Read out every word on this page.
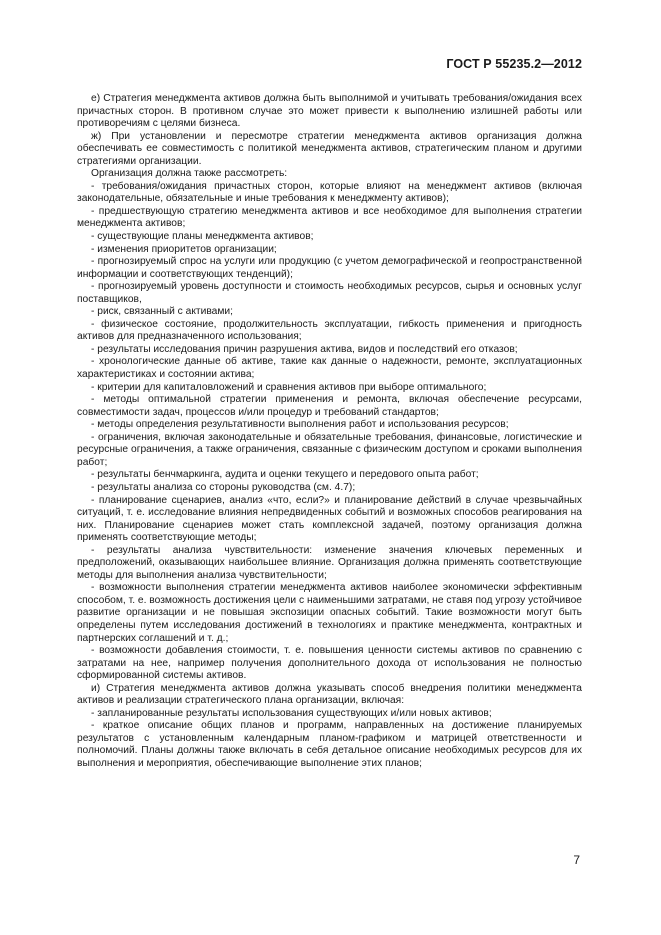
ГОСТ Р 55235.2—2012

е) Стратегия менеджмента активов должна быть выполнимой и учитывать требования/ожидания всех причастных сторон. В противном случае это может привести к выполнению излишней работы или противоречиям с целями бизнеса.

ж) При установлении и пересмотре стратегии менеджмента активов организация должна обеспечивать ее совместимость с политикой менеджмента активов, стратегическим планом и другими стратегиями организации.

Организация должна также рассмотреть:

- требования/ожидания причастных сторон, которые влияют на менеджмент активов (включая законодательные, обязательные и иные требования к менеджменту активов);

- предшествующую стратегию менеджмента активов и все необходимое для выполнения стратегии менеджмента активов;

- существующие планы менеджмента активов;

- изменения приоритетов организации;

- прогнозируемый спрос на услуги или продукцию (с учетом демографической и геопространственной информации и соответствующих тенденций);

- прогнозируемый уровень доступности и стоимость необходимых ресурсов, сырья и основных услуг поставщиков,

- риск, связанный с активами;

- физическое состояние, продолжительность эксплуатации, гибкость применения и пригодность активов для предназначенного использования;

- результаты исследования причин разрушения актива, видов и последствий его отказов;

- хронологические данные об активе, такие как данные о надежности, ремонте, эксплуатационных характеристиках и состоянии актива;

- критерии для капиталовложений и сравнения активов при выборе оптимального;

- методы оптимальной стратегии применения и ремонта, включая обеспечение ресурсами, совместимости задач, процессов и/или процедур и требований стандартов;

- методы определения результативности выполнения работ и использования ресурсов;

- ограничения, включая законодательные и обязательные требования, финансовые, логистические и ресурсные ограничения, а также ограничения, связанные с физическим доступом и сроками выполнения работ;

- результаты бенчмаркинга, аудита и оценки текущего и передового опыта работ;

- результаты анализа со стороны руководства (см. 4.7);

- планирование сценариев, анализ «что, если?» и планирование действий в случае чрезвычайных ситуаций, т. е. исследование влияния непредвиденных событий и возможных способов реагирования на них. Планирование сценариев может стать комплексной задачей, поэтому организация должна применять соответствующие методы;

- результаты анализа чувствительности: изменение значения ключевых переменных и предположений, оказывающих наибольшее влияние. Организация должна применять соответствующие методы для выполнения анализа чувствительности;

- возможности выполнения стратегии менеджмента активов наиболее экономически эффективным способом, т. е. возможность достижения цели с наименьшими затратами, не ставя под угрозу устойчивое развитие организации и не повышая экспозиции опасных событий. Такие возможности могут быть определены путем исследования достижений в технологиях и практике менеджмента, контрактных и партнерских соглашений и т. д.;

- возможности добавления стоимости, т. е. повышения ценности системы активов по сравнению с затратами на нее, например получения дополнительного дохода от использования не полностью сформированной системы активов.

и) Стратегия менеджмента активов должна указывать способ внедрения политики менеджмента активов и реализации стратегического плана организации, включая:

- запланированные результаты использования существующих и/или новых активов;

- краткое описание общих планов и программ, направленных на достижение планируемых результатов с установленным календарным планом-графиком и матрицей ответственности и полномочий. Планы должны также включать в себя детальное описание необходимых ресурсов для их выполнения и мероприятия, обеспечивающие выполнение этих планов;

7
